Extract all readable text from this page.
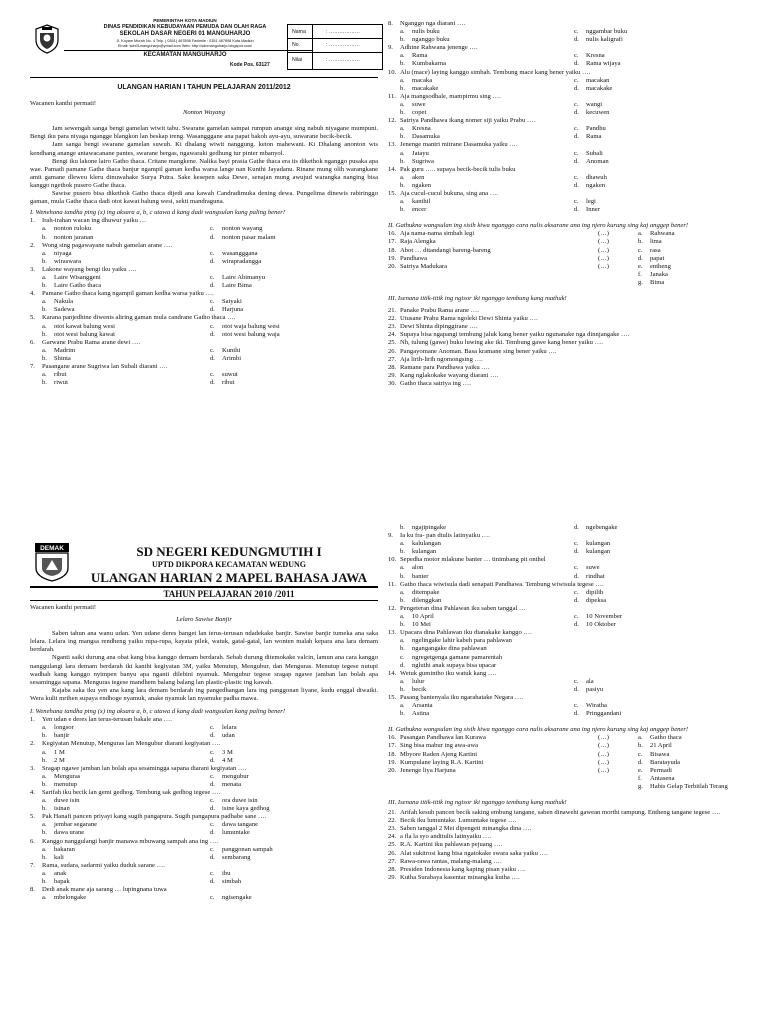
PEMERINTAH KOTA MADIUN
DINAS PENDIDIKAN KEBUDAYAAN PEMUDA DAN OLAH RAGA
SEKOLAH DASAR NEGERI 01 MANGUHARJO
Jl. Koyam Murah No. 4 Telp. ( 0351) 467898 Faximile : 0351 467898 Kota Madiun
Email: sdn01manguharjo@ymail.com Web: http://sdnmanguharjo.blogspot.com/
KECAMATAN MANGUHARJO
Kode Pos. 63127
Nama	: ………………
No.	: ………………
Nilai	: ………………
ULANGAN HARIAN I TAHUN PELAJARAN 2011/2012
Wacanen kanthi permati!
Nonton Wayang

Jam sewengah sanga bengi gamelan wiwit tabu. Swarane gamelan sampai rumpun anange sing nabuh niyagane mumpuni. Bengi iku para niyaga ngangge blangkon lan beskap ireng. Wasangggane ana papat bakoh ayu-ayu, suwarane becik-becik.

Jam sanga bengi swarane gamelan suwuh. Ki dhalang wiwit nanggung. keton mahewani. Ki Dhalang anonton wis kendhang anange antawacanane pantes, swarane bergas, ngawaraki gedhung tur pinter mbanyol.

Bengi iku lakone lairo Gatho thaca. Critane mangkene. Nalika bayi prasia Gathe thaca era tis dikethok nganggo pusaka apa wae. Pamadi pamane Gathe thaca banjur ngampil gaman kedha warsa lange nan Kunthi Jayadanu. Rinane mung olih warangkane amit gamane dleweu kleru dinuwahake Surya Putra. Sake kesepen saka Dewe, senajan mung awujud warangka nanging bisa kanggo ngethok pusero Gathe thaca.

Sawise pusero bisa dikethok Gatho thaca dijedi ana kawah Candradimuka dening dewa. Pungelima dinewis rabiringgo gaman, mula Gathe thaca dadi otot kawat balung wesi, sekti mandraguna.

I. Wenehana tandha ping (x) ing aksara a, b, c utawa d kang dadi wangsulan kang paling bener!
1. Irah-irahan wacan ing dhuwur yaiku …
a. nonton ruloku	c. nonton wayang
b. nonton jaranan	d. nonton pasar malam
2. Wong sing pagawayane nabuh gamelan arane ….
a. niyaga	c. wasangggana
b. wiraswara	d. wirapradangga
3. Lakone wayang bengi iku yaiku ….
a. Laire Wisanggeni	c. Laire Abimanyu
b. Laire Gatho thaca	d. Laire Bima
4. Pamane Gatho thaca kang ngampil gaman kedha warsa yaiku ….
a. Nakula	c. Satyaki
b. Sadewa	d. Harjuna
5. Karana panjedhine diwenis aliring gaman mula candrane Gatho thaca ….
a. otot kawat balung wesi	c. otot waja balung wesi
b. otot wesi balung kawat	d. otot wesi balung waja
6. Garwane Prabu Rama arane dewi ….
a. Madrim	c. Kunthi
b. Shinta	d. Arimbi
7. Pasangane arane Sugriwa lan Subali diarani ….
a. ribut	c. suwut
b. riwut	d. ribut
8. Nganggo nga diarani ….
a. nulis buku	c. nggambar buku
b. nganggo buku	d. nulis kaligrafi
9. Adhine Rahwana jenenge ….
a. Rama	c. Kresna
b. Kumbakarna	d. Rama wijaya
10. Alu (mace) laying kanggo simbah. Tembung mace kang bener yaiku ….
a. macaka	c. macakan
b. macakake	d. macakake
11. Aja mangsodhale, mampirmu sing ….
a. suwe	c. wangi
b. copet	d. kecuwen
12. Satriya Pandhawa ikang nomer siji yaiku Prabu ….
a. Kresna	c. Pandhu
b. Dasamuka	d. Rama
13. Jenenge mantri mitrane Dasamuka yaiku ….
a. Jatayu	c. Subali
b. Sugriwa	d. Anoman
14. Pak guru ….. supaya becik-becik tulis buku
a. aken	c. dhawuh
b. ngaken	d. ngaken
15. Aja cucul-cucul bukuna, sing ana ….
a. kanthil	c. legi
b. encer	d. Inner
II. Gathukna wangsulan ing sisih kiwa nganggo cara nulis aksarane ana ing njero kurung sing kaj anggep bener!
16. Aja nama-nama simbah legi	(…)	a. Rahwana
17. Raja Alengka	(…)	b. lima
18. Abot … ditandangi bareng-bareng	(…)	c. rasa
19. Pandhawa	(…)	d. papat
20. Satriya Madukara	(…)	e. entheng
f. Janaka
g. Bima
III. Isenana titik-titik ing ngisor iki nganggo tembung kang mathuk!
21. Panake Prabu Rama arane ….
22. Utusane Prabu Rama ngoleki Dewi Shinta yaiku ….
23. Dewi Shinta dipinggirane ….
24. Supaya bisa ngapangi tembung jaluk kang bener yaiku ngunanake nga dinnjangake ….
25. Nh, tulung (gawe) buku luwing ake iki. Tembung gawe kang bener yaiku ….
26. Pangayomane Anoman. Basa kramane sing bener yaiku ….
27. Aja lirih-lirih ngomongsing ….
28. Ramane para Pandhawa yaiku ….
29. Kang nglakokake wayang diarani ….
30. Gatho thaca satriya ing ….
DEMAK	SD NEGERI KEDUNGMUTIH I
UPTD DIKPORA KECAMATAN WEDUNG
ULANGAN HARIAN 2 MAPEL BAHASA JAWA
TAHUN PELAJARAN 2010 /2011
Wacanen kanthi permati!
Lelaro Sawise Banjir

Saben tahun ana wanu udan. Yen udane deres banget lan terus-terusan ndadekake banjir. Sawise banjir tumeka ana saka lelara. Lelara ing mangsa rendheng yaiku rupa-rupa, kayata pilek, watuk, gatal-gatal, lan wonten malah kepara ana lara demam berdarah.

Nganti saiki durung ana obat kang bisa kanggo demam berdarah. Sebab durung ditemokake valcin, lamun ana cara kanggo nanggulangi lara demam berdarah iki kanthi kegiyatan 3M, yaiku Menutup, Mengubur, dan Menguras. Menutup tegese nutupi wadhah kang kanggo nyimpen banyu apa nganti dilebini nyamuk. Mengubur tegese sragap ngawe jamban lan bolah apa sesamingga sapana. Menguras tegese mandhem balang balang lan plastic-plastic ing kawah.

Kajaba saka iku yen ana kang lara demam berdarah ing pangedhangan lara ing panggonan liyane, kudu enggal diwaiki. Wera kulit mrihen supaya endhoge nyamuk, anake nyamuk lan nyamuke padha mawa.

I. Wenehana tandha ping (x) ing aksara a, b, c utawa d kang dadi wangsulan kang paling bener!
1. Yen udan e deres lan terus-terusan bakale ana ….
a. longsor	c. lelara
b. banjir	d. udan
2. Kegiyatan Menutup, Menguras lan Mengubur diarani kegiyatan ….
a. 1 M	c. 3 M
b. 2 M	d. 4 M
3. Sragap ngawe jamban lan bolah apa sesamingga sapana diarani kegiyatan ….
a. Menguras	c. mengubur
b. menutup	d. menata
4. Sarifah iku becik lan gemi gedhog. Tembung sak gedhog tegese ….
a. duwe isin	c. ora duwe isin
b. isinan	d. isine kaya gedhog
5. Pak Hanafi pancen priyayi kang sugih pangapura. Sugih pangapura padhabe sane ….
a. jembar segarane	c. dawa tangane
b. dawa urane	d. lumuntake
6. Kanggo nanggulangi banjir manawa mbuwang sampah ana ing ….
a. bakaran	c. panggonan sampah
b. kali	d. sembarang
7. Rama, sudara, sadarmi yaiku duduk sarane ….
a. anak	c. ibu
b. bapak	d. simbah
8. Dedi anak mane aja sarang … lupingnana tuwa
a. mbelongake	c. ngisengake
b. ngajipingake	d. ngebengake
9. Ia ku fra- pan dtulis latinyaiku ….
a. kalulangan	c. kulangan
b. kulangan	d. kulangan
10. Sepedha motor mlakune banter … tinimbang pit onthel
a. alon	c. suwe
b. banter	d. rindhat
11. Gatho thaca wiwisula dadi senapati Pandhawa. Tembung wiwisula tegese ….
a. ditempake	c. dipilih
b. dilenggkan	d. dipeksa
12. Pengeteran dina Pahlawan iku saben tanggal …
a. 10 April	c. 10 November
b. 10 Mei	d. 10 Oktober
13. Upacara dina Pahlawan iku dianakake kanggo ….
a. ngelingake lahir kabeh para pahlawan
b. ngangangake dina pahlawan
c. ngregetgenga gamane pamarentah
d. ngluthi anak supaya bisa upacar
14. Wetuk gumintho iku watuk kang ….
a. lulur	c. ala
b. becik	d. pasiyu
15. Pasang bantenyala iku ngarahatake Negara ….
a. Arsanta	c. Wiratha
b. Astina	d. Pringgandani
II. Gathukna wangsulan ing sisih kiwa nganggo cara nulis aksarane ana ing njero kurung sing kaj anggep bener!
16. Pasangan Pandhawa lan Kurawa	(…)	a. Gatho thaca
17. Sing bisa mabur ing awa-awa	(…)	b. 21 April
18. Mbyore Raden Ajeng Kartini	(…)	c. Bisawa
19. Kumpulane laying R.A. Kartini	(…)	d. Baratayuda
20. Jenenge liya Harjuna	(…)	e. Permadi
f. Antasena
g. Habis Gelap Terbitlah Terang
III. Isenana titik-titik ing ngisor iki nganggo tembung kang mathuk!
21. Arifah kesuh pancen becik saking embung tangane, saben dinawehi gawean morthi rampung. Entheng tangane tegese ….
22. Becik iku lumuntake. Lumuntake tegese ….
23. Saben tanggal 2 Mei dipengeti minangka dina ….
24. a fla la syo anditulis latinyaiku ….
25. R.A. Kartini iku pahlawan pejuang ….
26. Alat sukitrosi kang bisa ngatokake swara saka yaiku ….
27. Rawa-rawa rantas, malang-malang ….
28. Presiden Indonesia kang kaping pisan yaiku ….
29. Kutha Surabaya kasentar minangka kutha ….
